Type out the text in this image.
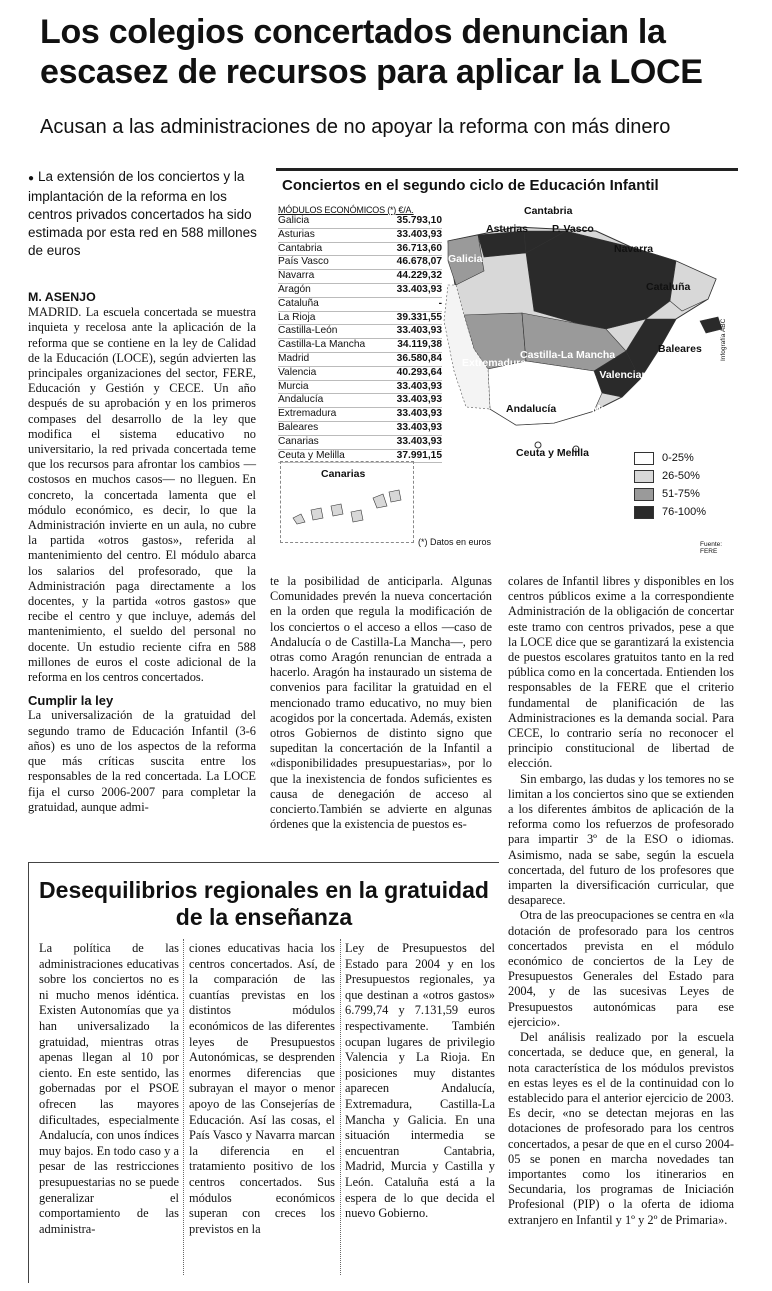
Los colegios concertados denuncian la escasez de recursos para aplicar la LOCE
Acusan a las administraciones de no apoyar la reforma con más dinero
● La extensión de los conciertos y la implantación de la reforma en los centros privados concertados ha sido estimada por esta red en 588 millones de euros

M. ASENJO
MADRID. La escuela concertada se muestra inquieta y recelosa ante la aplicación de la reforma que se contiene en la ley de Calidad de la Educación (LOCE), según advierten las principales organizaciones del sector, FERE, Educación y Gestión y CECE. Un año después de su aprobación y en los primeros compases del desarrollo de la ley que modifica el sistema educativo no universitario, la red privada concertada teme que los recursos para afrontar los cambios —costosos en muchos casos— no lleguen. En concreto, la concertada lamenta que el módulo económico, es decir, lo que la Administración invierte en un aula, no cubre la partida «otros gastos», referida al mantenimiento del centro. El módulo abarca los salarios del profesorado, que la Administración paga directamente a los docentes, y la partida «otros gastos» que recibe el centro y que incluye, además del mantenimiento, el sueldo del personal no docente. Un estudio reciente cifra en 588 millones de euros el coste adicional de la reforma en los centros concertados.

Cumplir la ley

La universalización de la gratuidad del segundo tramo de Educación Infantil (3-6 años) es uno de los aspectos de la reforma que más críticas suscita entre los responsables de la red concertada. La LOCE fija el curso 2006-2007 para completar la gratuidad, aunque admi-

te la posibilidad de anticiparla. Algunas Comunidades prevén la nueva concertación en la orden que regula la modificación de los conciertos o el acceso a ellos —caso de Andalucía o de Castilla-La Mancha—, pero otras como Aragón renuncian de entrada a hacerlo. Aragón ha instaurado un sistema de convenios para facilitar la gratuidad en el mencionado tramo educativo, no muy bien acogidos por la concertada. Además, existen otros Gobiernos de distinto signo que supeditan la concertación de la Infantil a «disponibilidades presupuestarias», por lo que la inexistencia de fondos suficientes es causa de denegación de acceso al concierto.También se advierte en algunas órdenes que la existencia de puestos es-

colares de Infantil libres y disponibles en los centros públicos exime a la correspondiente Administración de la obligación de concertar este tramo con centros privados, pese a que la LOCE dice que se garantizará la existencia de puestos escolares gratuitos tanto en la red pública como en la concertada. Entienden los responsables de la FERE que el criterio fundamental de planificación de las Administraciones es la demanda social. Para CECE, lo contrario sería no reconocer el principio constitucional de libertad de elección.

Sin embargo, las dudas y los temores no se limitan a los conciertos sino que se extienden a los diferentes ámbitos de aplicación de la reforma como los refuerzos de profesorado para impartir 3º de la ESO o idiomas. Asimismo, nada se sabe, según la escuela concertada, del futuro de los profesores que imparten la diversificación curricular, que desaparece.

Otra de las preocupaciones se centra en «la dotación de profesorado para los centros concertados prevista en el módulo económico de conciertos de la Ley de Presupuestos Generales del Estado para 2004, y de las sucesivas Leyes de Presupuestos autonómicas para ese ejercicio».

Del análisis realizado por la escuela concertada, se deduce que, en general, la nota característica de los módulos previstos en estas leyes es el de la continuidad con lo establecido para el anterior ejercicio de 2003. Es decir, «no se detectan mejoras en las dotaciones de profesorado para los centros concertados, a pesar de que en el curso 2004-05 se ponen en marcha novedades tan importantes como los itinerarios en Secundaria, los programas de Iniciación Profesional (PIP) o la oferta de idioma extranjero en Infantil y 1º y 2º de Primaria».

Conciertos en el segundo ciclo de Educación Infantil
Cantabria
Asturias P. Vasco
Galicia
Navarra
Cataluña
Baleares
Extremadura
Castilla-La Mancha
C. Valenciana
Andalucía	Murcia
Ceuta y Melilla
MÓDULOS ECONÓMICOS (*) €/A.
Galicia	35.793,10
Asturias	33.403,93
Cantabria	36.713,60
País Vasco	46.678,07
Navarra	44.229,32
Aragón	33.403,93
Cataluña	-
La Rioja	39.331,55
Castilla-León	33.403,93
Castilla-La Mancha	34.119,38
Madrid	36.580,84
Valencia	40.293,64
Murcia	33.403,93
Andalucía	33.403,93
Extremadura	33.403,93
Baleares	33.403,93
Canarias	33.403,93
Ceuta y Melilla	37.991,15
Canarias
0-25%
26-50%
51-75%
76-100%
(*) Datos en euros	Fuente: FERE
Infografía ABC
Desequilibrios regionales en la gratuidad de la enseñanza
La política de las administraciones educativas sobre los conciertos no es ni mucho menos idéntica. Existen Autonomías que ya han universalizado la gratuidad, mientras otras apenas llegan al 10 por ciento. En este sentido, las gobernadas por el PSOE ofrecen las mayores dificultades, especialmente Andalucía, con unos índices muy bajos. En todo caso y a pesar de las restricciones presupuestarias no se puede generalizar el comportamiento de las administra-
ciones educativas hacia los centros concertados. Así, de la comparación de las cuantías previstas en los distintos módulos económicos de las diferentes leyes de Presupuestos Autonómicas, se desprenden enormes diferencias que subrayan el mayor o menor apoyo de las Consejerías de Educación. Así las cosas, el País Vasco y Navarra marcan la diferencia en el tratamiento positivo de los centros concertados. Sus módulos económicos superan con creces los previstos en la
Ley de Presupuestos del Estado para 2004 y en los Presupuestos regionales, ya que destinan a «otros gastos» 6.799,74 y 7.131,59 euros respectivamente. También ocupan lugares de privilegio Valencia y La Rioja. En posiciones muy distantes aparecen Andalucía, Extremadura, Castilla-La Mancha y Galicia. En una situación intermedia se encuentran Cantabria, Madrid, Murcia y Castilla y León. Cataluña está a la espera de lo que decida el nuevo Gobierno.
